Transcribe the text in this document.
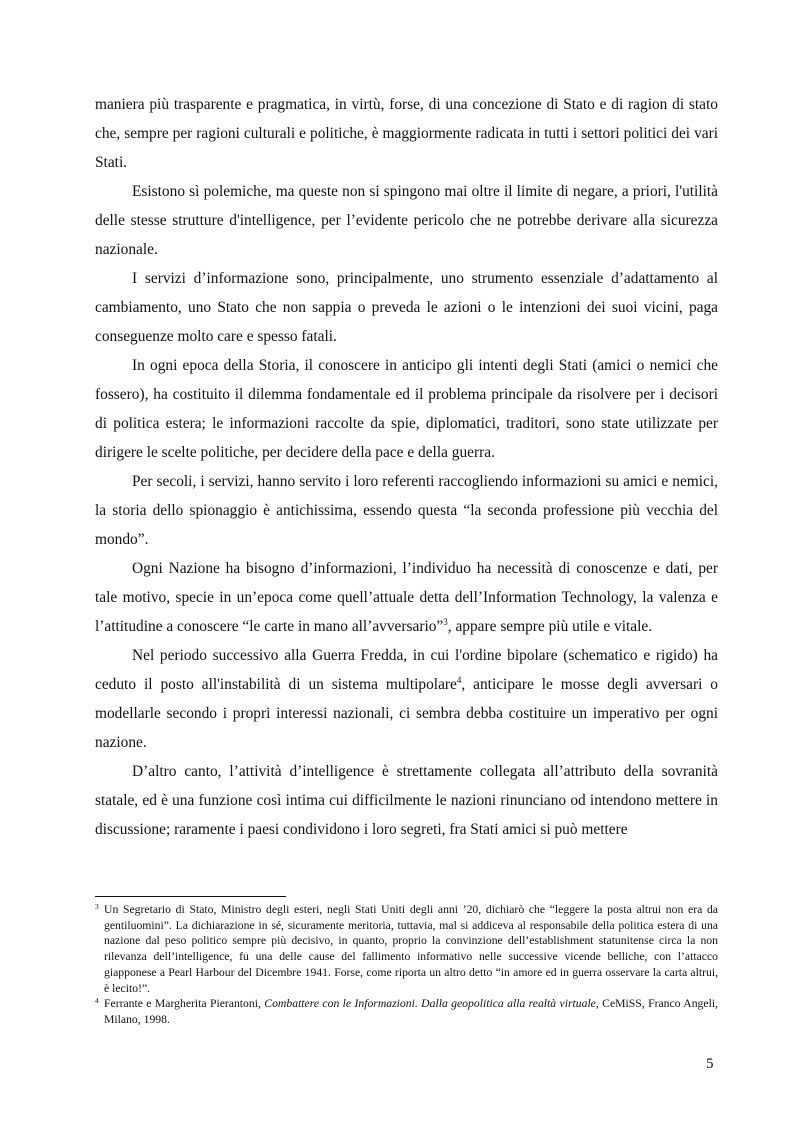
maniera più trasparente e pragmatica, in virtù, forse, di una concezione di Stato e di ragion di stato che, sempre per ragioni culturali e politiche, è maggiormente radicata in tutti i settori politici dei vari Stati.

Esistono sì polemiche, ma queste non si spingono mai oltre il limite di negare, a priori, l'utilità delle stesse strutture d'intelligence, per l’evidente pericolo che ne potrebbe derivare alla sicurezza nazionale.

I servizi d’informazione sono, principalmente, uno strumento essenziale d’adattamento al cambiamento, uno Stato che non sappia o preveda le azioni o le intenzioni dei suoi vicini, paga conseguenze molto care e spesso fatali.

In ogni epoca della Storia, il conoscere in anticipo gli intenti degli Stati (amici o nemici che fossero), ha costituito il dilemma fondamentale ed il problema principale da risolvere per i decisori di politica estera; le informazioni raccolte da spie, diplomatici, traditori, sono state utilizzate per dirigere le scelte politiche, per decidere della pace e della guerra.

Per secoli, i servizi, hanno servito i loro referenti raccogliendo informazioni su amici e nemici, la storia dello spionaggio è antichissima, essendo questa “la seconda professione più vecchia del mondo”.

Ogni Nazione ha bisogno d’informazioni, l’individuo ha necessità di conoscenze e dati, per tale motivo, specie in un’epoca come quell’attuale detta dell’Information Technology, la valenza e l’attitudine a conoscere “le carte in mano all’avversario”$^3$, appare sempre più utile e vitale.

Nel periodo successivo alla Guerra Fredda, in cui l'ordine bipolare (schematico e rigido) ha ceduto il posto all'instabilità di un sistema multipolare$^4$, anticipare le mosse degli avversari o modellarle secondo i propri interessi nazionali, ci sembra debba costituire un imperativo per ogni nazione.

D’altro canto, l’attività d’intelligence è strettamente collegata all’attributo della sovranità statale, ed è una funzione così intima cui difficilmente le nazioni rinunciano od intendono mettere in discussione; raramente i paesi condividono i loro segreti, fra Stati amici si può mettere

3 Un Segretario di Stato, Ministro degli esteri, negli Stati Uniti degli anni ’20, dichiarò che “leggere la posta altrui non era da gentiluomini”. La dichiarazione in sé, sicuramente meritoria, tuttavia, mal si addiceva al responsabile della politica estera di una nazione dal peso politico sempre più decisivo, in quanto, proprio la convinzione dell’establishment statunitense circa la non rilevanza dell’intelligence, fu una delle cause del fallimento informativo nelle successive vicende belliche, con l’attacco giapponese a Pearl Harbour del Dicembre 1941. Forse, come riporta un altro detto “in amore ed in guerra osservare la carta altrui, è lecito!”.
4 Ferrante e Margherita Pierantoni, Combattere con le Informazioni. Dalla geopolitica alla realtà virtuale, CeMiSS, Franco Angeli, Milano, 1998.
5
